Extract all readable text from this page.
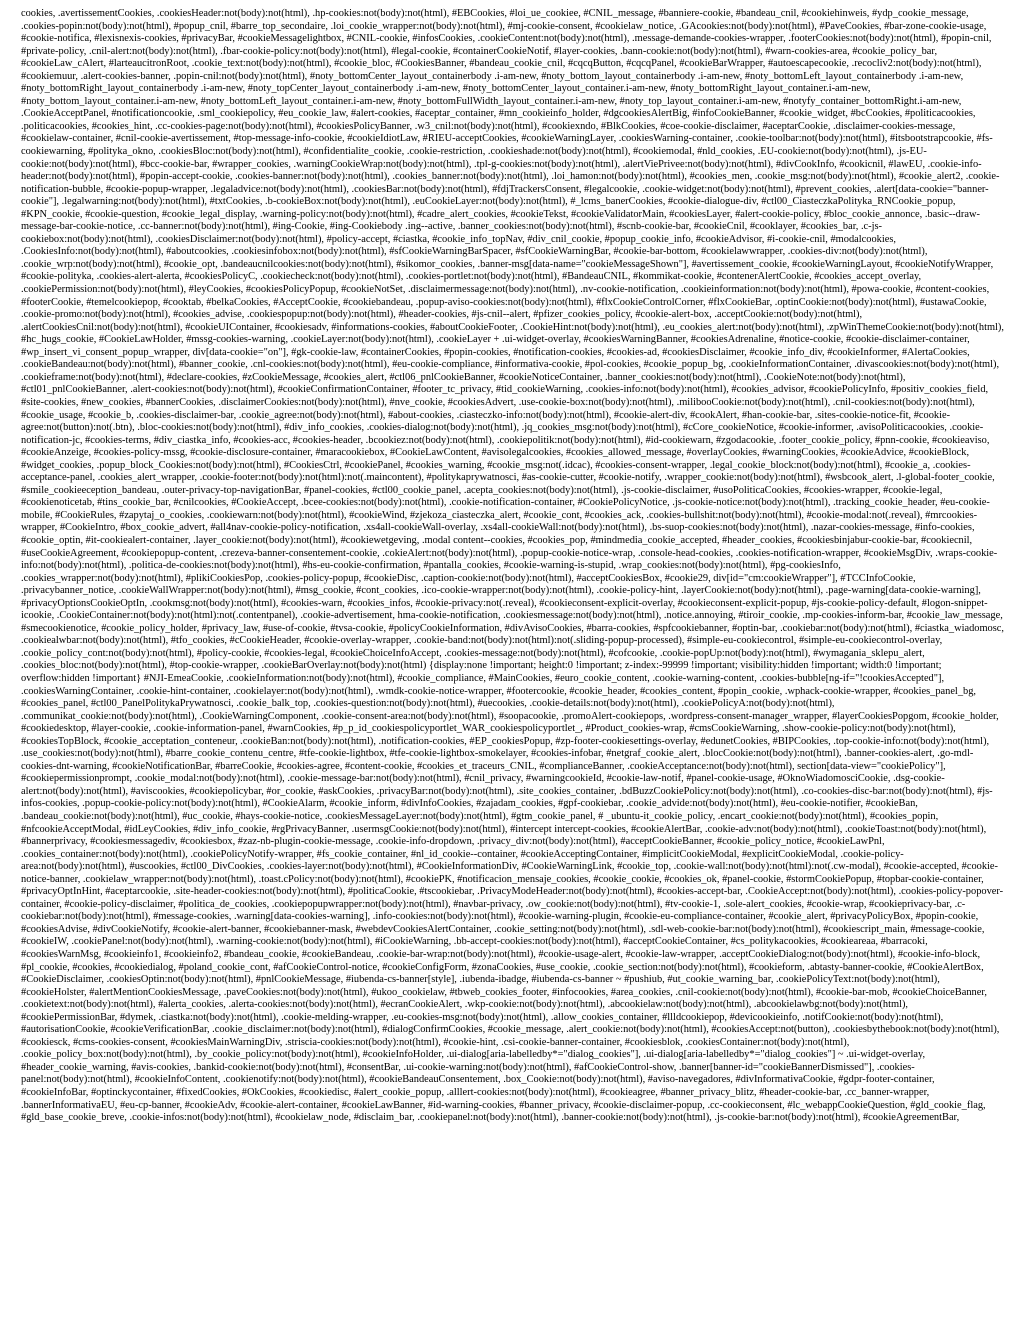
cookies, .avertissementCookies, .cookiesHeader:not(body):not(html), .hp-cookies:not(body):not(html), #EBCookies, #loi_ue_cookiee, #CNIL_message, #banniere-cookie, #bandeau_cnil, #cookiehinweis, #ydp_cookie_message, .cookies-popin:not(body):not(html), #popup_cnil, #barre_top_secondaire, .loi_cookie_wrapper:not(body):not(html), #mj-cookie-consent, #cookielaw_notice, .GAcookies:not(body):not(html), #PaveCookies, #bar-zone-cookie-usage, #cookie-notifica, #lexisnexis-cookies, #privacyBar, #cookieMessagelightbox, #CNIL-cookie, #infosCookies, .cookieContent:not(body):not(html), .message-demande-cookies-wrapper, .footerCookies:not(body):not(html), #popin-cnil, #private-policy, .cnil-alert:not(body):not(html), .fbar-cookie-policy:not(body):not(html), #legal-cookie, #containerCookieNotif, #layer-cookies, .bann-cookie:not(body):not(html), #warn-cookies-area, #cookie_policy_bar, #cookieLaw_cAlert, #larteaucitronRoot, .cookie_text:not(body):not(html), #cookie_bloc, #CookiesBanner, #bandeau_cookie_cnil, #cqcqButton, #cqcqPanel, #cookieBarWrapper, #autoescapecookie, .recocliv2:not(body):not(html), #cookiemuur, .alert-cookies-banner, .popin-cnil:not(body):not(html), #noty_bottomCenter_layout_containerbody .i-am-new, #noty_bottom_layout_containerbody .i-am-new, #noty_bottomLeft_layout_containerbody .i-am-new, #noty_bottomRight_layout_containerbody .i-am-new, #noty_topCenter_layout_containerbody .i-am-new, #noty_bottomCenter_layout_container.i-am-new, #noty_bottomRight_layout_container.i-am-new, #noty_bottom_layout_container.i-am-new, #noty_bottomLeft_layout_container.i-am-new, #noty_bottomFullWidth_layout_container.i-am-new, #noty_top_layout_container.i-am-new, #notyfy_container_bottomRight.i-am-new, .CookieAcceptPanel, #notificationcookie, .sml_cookiepolicy, #eu_cookie_law, #alert-cookies, #aceptar_container, #mn_cookieinfo_holder, #dgcookiesAlertBig, #infoCookieBanner, #cookie_widget, #bcCookies, #politicacookies, .politicacookies, #cookies_hint, .cc-cookies-page:not(body):not(html), #cookiesPolicyBanner, .w3_cnil:not(body):not(html), #cookiexndo, #BlkCookies, #coe-cookie-disclaimer, #aceptarCookie, .disclaimer-cookies-message, #cookielaw-container, #cnil-cookie-avertissement, #top-message-info-cookie, #cookieIdiotLaw, #RIEU-acceptCookies, #cookieWarningLayer, .cookiesWarning-container, .cookie-toolbar:not(body):not(html), #itsbootstrapcookie, #fs-cookiewarning, #polityka_okno, .cookiesBloc:not(body):not(html), #confidentialite_cookie, .cookie-restriction, .cookieshade:not(body):not(html), #cookiemodal, #nld_cookies, .EU-cookie:not(body):not(html), .js-EU-cookie:not(body):not(html), #bcc-cookie-bar, #wrapper_cookies, .warningCookieWrap:not(body):not(html), .tpl-g-cookies:not(body):not(html), .alertViePrivee:not(body):not(html), #divCookInfo, #cookicnil, #lawEU, .cookie-info-header:not(body):not(html), #popin-accept-cookie, .cookies-banner:not(body):not(html), .cookies_banner:not(body):not(html), .loi_hamon:not(body):not(html), #cookies_men, .cookie_msg:not(body):not(html), #cookie_alert2, .cookie-notification-bubble, #cookie-popup-wrapper, .legaladvice:not(body):not(html), .cookiesBar:not(body):not(html), #fdjTrackersConsent, #legalcookie, .cookie-widget:not(body):not(html), #prevent_cookies, .alert[data-cookie="banner-cookie"], .legalwarning:not(body):not(html), #txtCookies, .b-cookieBox:not(body):not(html), .euCookieLayer:not(body):not(html), #_lcms_banerCookies, #cookie-dialogue-div, #ctl00_CiasteczkaPolityka_RNCookie_popup, #KPN_cookie, #cookie-question, #cookie_legal_display, .warning-policy:not(body):not(html), #cadre_alert_cookies, #cookieTekst, #cookieValidatorMain, #cookiesLayer, #alert-cookie-policy, #bloc_cookie_annonce, .basic--draw-message-bar-cookie-notice, .cc-banner:not(body):not(html), #ing-Cookie, #ing-Cookiebody .ing--active, .banner_cookies:not(body):not(html), #scnb-cookie-bar, #cookieCnil, #cooklayer, #cookies_bar, .c-js-cookiebox:not(body):not(html), .cookiesDisclaimer:not(body):not(html), #policy-accept, #ciastka, #cookie_info_topNav, #div_cnil_cookie, #popup_cookie_info, #cookieAdvisor, #i-cookie-cnil, #modalcookies, .CookiesInfo:not(body):not(html), #aboutcookies, .cookiesinfobox:not(body):not(html), #sfCookieWarningBarSpacer, #sfCookieWarningBar, #cookie-bar-bottom, #cookielawwrapper, .cookies-div:not(body):not(html), .cookie_wrp:not(body):not(html), #cookie_opt, .bandeaucnilcookies:not(body):not(html), #sikomor_cookies, .banner-msg[data-name="cookieMessageShown"], #avertissement_cookie, #cookieWarningLayout, #cookieNotifyWrapper, #cookie-polityka, .cookies-alert-alerta, #cookiesPolicyC, .cookiecheck:not(body):not(html), .cookies-portlet:not(body):not(html), #BandeauCNIL, #kommikat-cookie, #contenerAlertCookie, #cookies_accept_overlay, .cookiePermission:not(body):not(html), #leyCookies, #cookiesPolicyPopup, #cookieNotSet, .disclaimermessage:not(body):not(html), .nv-cookie-notification, .cookieinformation:not(body):not(html), #powa-cookie, #content-cookies, #footerCookie, #temelcookiepop, #cooktab, #belkaCookies, #AcceptCookie, #cookiebandeau, .popup-aviso-cookies:not(body):not(html), #flxCookieControlCorner, #flxCookieBar, .optinCookie:not(body):not(html), #ustawaCookie, .cookie-promo:not(body):not(html), #cookies_advise, .cookiespopup:not(body):not(html), #header-cookies, #js-cnil--alert, #pfizer_cookies_policy, #cookie-alert-box, .acceptCookie:not(body):not(html), .alertCookiesCnil:not(body):not(html), #cookieUIContainer, #cookiesadv, #informations-cookies, #aboutCookieFooter, .CookieHint:not(body):not(html), .eu_cookies_alert:not(body):not(html), .zpWinThemeCookie:not(body):not(html), #hc_hugs_cookie, #CookieLawHolder, #mssg-cookies-warning, .cookieLayer:not(body):not(html), .cookieLayer + .ui-widget-overlay, #cookiesWarningBanner, #cookiesAdrenaline, #notice-cookie, #cookie-disclaimer-container, #wp_insert_vi_consent_popup_wrapper, div[data-cookie="on"], #gk-cookie-law, #containerCookies, #popin-cookies, #notification-cookies, #cookies-ad, #cookiesDisclaimer, #cookie_info_div, #cookieInformer, #AlertaCookies, .cookieBandeau:not(body):not(html), #banner_cookie, .cnl-cookies:not(body):not(html), #eu-cookie-compliance, #informativa-cookie, #pol-cookies, #cookie_popup_bg, .cookieInformationContainer, .divascookies:not(body):not(html), .cookieframe:not(body):not(html), #declare-cookies, #zCookieMessage, #cookies_alert, #ctl06_pnlCookieBanner, #cookieNoticeContainer, .banner_cookies:not(body):not(html), .CookieNote:not(body):not(html), #ctl01_pnlCookieBanner, .alert-cookies:not(body):not(html), #cookieConfirmationContainer, #footer_tc_privacy, #tid_cookieWarning, .cookies-info:not(body):not(html), #cookies_advisor, #cookiePolicyInfo, #positiv_cookies_field, #site-cookies, #new_cookies, #bannerCookies, .disclaimerCookies:not(body):not(html), #nve_cookie, #cookiesAdvert, .use-cookie-box:not(body):not(html), .milibooCookie:not(body):not(html), .cnil-cookies:not(body):not(html), #cookie_usage, #cookie_b, .cookies-disclaimer-bar, .cookie_agree:not(body):not(html), #about-cookies, .ciasteczko-info:not(body):not(html), #cookie-alert-div, #cookAlert, #han-cookie-bar, .sites-cookie-notice-fit, #cookie-agree:not(button):not(.btn), .bloc-cookies:not(body):not(html), #div_info_cookies, .cookies-dialog:not(body):not(html), .jq_cookies_msg:not(body):not(html), #cCore_cookieNotice, #cookie-informer, .avisoPoliticacookies, .cookie-notification-jc, #cookies-terms, #div_ciastka_info, #cookies-acc, #cookies-header, .bcookiez:not(body):not(html), .cookiepolitik:not(body):not(html), #id-cookiewarn, #zgodacookie, .footer_cookie_policy, #pnn-cookie, #cookieaviso, #cookieAnzeige, #cookies-policy-mssg, #cookie-disclosure-container, #maracookiebox, #CookieLawContent, #avisolegalcookies, #cookies_allowed_message, #overlayCookies, #warningCookies, #cookieAdvice, #cookieBlock, #widget_cookies, .popup_block_Cookies:not(body):not(html), #CookiesCtrl, #cookiePanel, #cookies_warning, #cookie_msg:not(.idcac), #cookies-consent-wrapper, .legal_cookie_block:not(body):not(html), #cookie_a, .cookies-acceptance-panel, .cookies_alert_wrapper, .cookie-footer:not(body):not(html):not(.maincontent), #politykaprywatnosci, #as-cookie-cutter, #cookie-notify, .wrapper_cookie:not(body):not(html), #wsbcook_alert, .l-global-footer_cookie, #smile_cookieeception_bandeau, .outer-privacy-top-navigationBar, #panel-cookies, #ctl00_cookie_panel, .acepta_cookies:not(body):not(html), .js-cookie-disclaimer, #usoPoliticaCookies, #cookies-wrapper, #cookie-legal, #cookienoticetab, #tins_cookie_bar, #cnilcookies, #CookieAccept, .bcee-cookies:not(body):not(html), .cookie-notification-container, #CookiePolicyNotice, .js-cookie-notice:not(body):not(html), .tracking_cookie_header, #eu-cookie-mobile, #CookieRules, #zapytaj_o_cookies, .cookiewarn:not(body):not(html), #cookieWind, #zjekoza_ciasteczka_alert, #cookie_cont, #cookies_ack, .cookies-bullshit:not(body):not(html), #cookie-modal:not(.reveal), #mrcookies-wrapper, #CookieIntro, #box_cookie_advert, #all4nav-cookie-policy-notification, .xs4all-cookieWall-overlay, .xs4all-cookieWall:not(body):not(html), .bs-suop-cookies:not(body):not(html), .nazar-cookies-message, #info-cookies, #cookie_optin, #it-cookiealert-container, .layer_cookie:not(body):not(html), #cookiewetgeving, .modal content--cookies, #cookies_pop, #mindmedia_cookie_accepted, #header_cookies, #cookiesbinjabur-cookie-bar, #cookiecnil, #useCookieAgreement, #cookiepopup-content, .crezeva-banner-consentement-cookie, .cokieAlert:not(body):not(html), .popup-cookie-notice-wrap, .console-head-cookies, .cookies-notification-wrapper, #cookieMsgDiv, .wraps-cookie-info:not(body):not(html), .politica-de-cookies:not(body):not(html), #hs-eu-cookie-confirmation, #pantalla_cookies, #cookie-warning-is-stupid, .wrap_cookies:not(body):not(html), #pg-cookiesInfo, .cookies_wrapper:not(body):not(html), #plikiCookiesPop, .cookies-policy-popup, #cookieDisc, .caption-cookie:not(body):not(html), #acceptCookiesBox, #cookie29, div[id="cm:cookieWrapper"], #TCCInfoCookie, .privacybanner_notice, .cookieWallWrapper:not(body):not(html), #msg_cookie, #cont_cookies, .ico-cookie-wrapper:not(body):not(html), .cookie-policy-hint, .layerCookie:not(body):not(html), .page-warning[data-cookie-warning], #privacyOptionsCookieOptIn, .cookmsg:not(body):not(html), #cookies-warn, #cookies_infos, #cookie-privacy:not(.reveal), #cookieconsent-explicit-overlay, #cookieconsent-explicit-popup, #js-cookie-policy-default, #logon-snippet-icookie, .CookieContainer:not(body):not(html):not(.contentpanel), .cookie-advertisement, hma-cookie-notification, .cookiesmessage:not(body):not(html), .notice.annoying, #tiroir_cookie, .mp-cookies-inform-bar, #cookie_law_message, #smecookienotice, #cookie_policy_holder, #privacy_law, #use-of-cookie, #tvsa-cookie, #policyCookieInformation, #divAvisoCookies, #barra-cookies, #spfcookiebanner, #optin-bar, .cookiebar:not(body):not(html), #ciastka_wiadomosc, .cookiealwbar:not(body):not(html), #tfo_cookies, #cCookieHeader, #cookie-overlay-wrapper, .cookie-band:not(body):not(html):not(.sliding-popup-processed), #simple-eu-cookiecontrol, #simple-eu-cookiecontrol-overlay, .cookie_policy_cont:not(body):not(html), #policy-cookie, #cookies-legal, #cookieChoiceInfoAccept, .cookies-message:not(body):not(html), #cofcookie, .cookie-popUp:not(body):not(html), #wymagania_sklepu_alert, .cookies_bloc:not(body):not(html), #top-cookie-wrapper, .cookieBarOverlay:not(body):not(html) {display:none !important; height:0 !important; z-index:-99999 !important; visibility:hidden !important; width:0 !important; overflow:hidden !important} #NJI-EmeaCookie, .cookieInformation:not(body):not(html), #cookie_compliance, #MainCookies, #euro_cookie_content, .cookie-warning-content, .cookies-bubble[ng-if="!cookiesAccepted"], .cookiesWarningContainer, .cookie-hint-container, .cookielayer:not(body):not(html), .wmdk-cookie-notice-wrapper, #footercookie, #cookie_header, #cookies_content, #popin_cookie, .wphack-cookie-wrapper, #cookies_panel_bg, #cookies_panel, #ctl00_PanelPolitykaPrywatnosci, .cookie_balk_top, .cookies-question:not(body):not(html), #uecookies, .cookie-details:not(body):not(html), .cookiePolicyA:not(body):not(html), .communikat_cookie:not(body):not(html), .CookieWarningComponent, .cookie-consent-area:not(body):not(html), #soopacookie, .promoAlert-cookiepops, .wordpress-consent-manager_wrapper, #layerCookiesPopgom, #cookie_holder, #cookiedesktop, #layer-cookie, .cookie-information-panel, #warnCookies, #p_p_id_cookiespolicyportlet_WAR_cookiespolicyportlet_, #Product_cookies-wrap, #cmsCookieWarning, .show-cookie-policy:not(body):not(html), #cookiesTopBlock, #cookie_acceptation_conteneur, .cookieBan:not(body):not(html), .notification-cookies, #EP_cookiesPopup, #zp-footer-cookiesettings-overlay, #edunetCookies, #BIPCookies, .top-cookie-info:not(body):not(html), .use_cookies:not(body):not(html), #barre_cookie_contenu_centre, #tfe-cookie-lightbox, #tfe-cookie-lightbox-smokelayer, #cookies-infobar, #netgraf_cookie_alert, .blocCookie:not(body):not(html), .banner-cookies-alert, .go-mdl-cookies-dnt-warning, #cookieNotificationBar, #barreCookie, #cookies-agree, #content-cookie, #cookies_et_traceurs_CNIL, #complianceBanner, .cookieAcceptance:not(body):not(html), section[data-view="cookiePolicy"], #cookiepermissionprompt, .cookie_modal:not(body):not(html), .cookie-message-bar:not(body):not(html), #cnil_privacy, #warningcookieId, #cookie-law-notif, #panel-cookie-usage, #OknoWiadomosciCookie, .dsg-cookie-alert:not(body):not(html), #aviscookies, #cookiepolicybar, #or_cookie, #askCookies, .privacyBar:not(body):not(html), .site_cookies_container, .bdBuzzCookiePolicy:not(body):not(html), .co-cookies-disc-bar:not(body):not(html), #js-infos-cookies, .popup-cookie-policy:not(body):not(html), #CookieAlarm, #cookie_inform, #divInfoCookies, #zajadam_cookies, #gpf-cookiebar, .cookie_advide:not(body):not(html), #eu-cookie-notifier, #cookieBan, .bandeau_cookie:not(body):not(html), #uc_cookie, #hays-cookie-notice, .cookiesMessageLayer:not(body):not(html), #gtm_cookie_panel, # _ubuntu-it_cookie_policy, .encart_cookie:not(body):not(html), #cookies_popin, #nfcookieAcceptModal, #idLeyCookies, #div_info_cookie, #rgPrivacyBanner, .usermsgCookie:not(body):not(html), #intercept intercept-cookies, #cookieAlertBar, .cookie-adv:not(body):not(html), .cookieToast:not(body):not(html), #bannerprivacy, #cookiesmessagediv, #cookiesbox, #zaz-nb-plugin-cookie-message, .cookie-info-dropdown, .privacy_div:not(body):not(html), #acceptCookieBanner, #cookie_policy_notice, #cookieLawPnl, .cookies_container:not(body):not(html), .cookiePolicyNotify-wrapper, #fs_cookie_container, #nl_id_cookie--container, #cookieAcceptingContainer, #implicitCookieModal, #explicitCookieModal, .cookie-policy-area:not(body):not(html), #uscookies, #ctl00_DivCookies, .cookies-layer:not(body):not(html), #CookieInformationDiv, #CookieWarningLink, #cookie_top, .cookie-wall:not(body):not(html):not(.cw-modal), #cookie-accepted, #cookie-notice-banner, .cookielaw_wrapper:not(body):not(html), .toast.cPolicy:not(body):not(html), #cookiePK, #notificacion_mensaje_cookies, #cookie_cookie, #cookies_ok, #panel-cookie, #stormCookiePopup, #topbar-cookie-container, #privacyOptInHint, #aceptarcookie, .site-header-cookies:not(body):not(html), #politicaCookie, #tscookiebar, .PrivacyModeHeader:not(body):not(html), #cookies-accept-bar, .CookieAccept:not(body):not(html), .cookies-policy-popover-container, #cookie-policy-disclaimer, #politica_de_cookies, .cookiepopupwrapper:not(body):not(html), #navbar-privacy, .ow_cookie:not(body):not(html), #tv-cookie-1, .sole-alert_cookies, #cookie-wrap, #cookieprivacy-bar, .c-cookiebar:not(body):not(html), #message-cookies, .warning[data-cookies-warning], .info-cookies:not(body):not(html), #cookie-warning-plugin, #cookie-eu-compliance-container, #cookie_alert, #privacyPolicyBox, #popin-cookie, #cookiesAdvise, #divCookieNotify, #cookie-alert-banner, #cookiebanner-mask, #webdevCookiesAlertContainer, .cookie_setting:not(body):not(html), .sdl-web-cookie-bar:not(body):not(html), #cookiescript_main, #message-cookie, #cookieIW, .cookiePanel:not(body):not(html), .warning-cookie:not(body):not(html), #iCookieWarning, .bb-accept-cookies:not(body):not(html), #acceptCookieContainer, #cs_politykacookies, #cookieareaa, #barracoki, #cookiesWarnMsg, #cookieinfo1, #cookieinfo2, #bandeau_cookie, #cookieBandeau, .cookie-bar-wrap:not(body):not(html), #cookie-usage-alert, #cookie-law-wrapper, .acceptCookieDialog:not(body):not(html), #cookie-info-block, #pl_cookie, #cookies, #cookiedialog, #poland_cookie_cont, #afCookieControl-notice, #cookieConfigForm, #zonaCookies, #use_cookie, .cookie_section:not(body):not(html), #cookieform, .abtasty-banner-cookie, #CookieAlertBox, #CookieDisclaimer, .cookiesOptin:not(body):not(html), #pnlCookieMessage, #iubenda-cs-banner[style], .iubenda-ibadge, #iubenda-cs-banner ~ #pushiub, #ut_cookie_warning_bar, .cookiePolicyText:not(body):not(html), #cookieHolster, #alertMentionCookiesMessage, .paveCookies:not(body):not(html), #ukoo_cookielaw, #tbweb_cookies_footer, #infocookies, #area_cookies, .cnil-cookie:not(body):not(html), #cookie-bar-mob, #cookieChoiceBanner, .cookietext:not(body):not(html), #alerta_cookies, .alerta-cookies:not(body):not(html), #ecranCookieAlert, .wkp-cookie:not(body):not(html), .abcookielaw:not(body):not(html), .abcookielawbg:not(body):not(html), #cookiePermissionBar, #dymek, .ciastka:not(body):not(html), .cookie-melding-wrapper, .eu-cookies-msg:not(body):not(html), .allow_cookies_container, #llldcookiepop, #devicookieinfo, .notifCookie:not(body):not(html), #autorisationCookie, #cookieVerificationBar, .cookie_disclaimer:not(body):not(html), #dialogConfirmCookies, #cookie_message, .alert_cookie:not(body):not(html), #cookiesAccept:not(button), .cookiesbythebook:not(body):not(html), #cookiesck, #cms-cookies-consent, #cookiesMainWarningDiv, .striscia-cookies:not(body):not(html), #cookie-hint, .csi-cookie-banner-container, #cookiesblok, .cookiesContainer:not(body):not(html), .cookie_policy_box:not(body):not(html), .by_cookie_policy:not(body):not(html), #cookieInfoHolder, .ui-dialog[aria-labelledby*="dialog_cookies"], .ui-dialog[aria-labelledby*="dialog_cookies"] ~ .ui-widget-overlay, #header_cookie_warning, #avis-cookies, .bankid-cookie:not(body):not(html), #consentBar, .ui-cookie-warning:not(body):not(html), #afCookieControl-show, .banner[banner-id="cookieBannerDismissed"], .cookies-panel:not(body):not(html), #cookieInfoContent, .cookienotify:not(body):not(html), #cookieBandeauConsentement, .box_Cookie:not(body):not(html), #aviso-navegadores, #divInformativaCookie, #gdpr-footer-container, #cookieInfoBar, #optinckycontainer, #fixedCookies, #OkCookies, #cookiedisc, #alert_cookie_popup, .alllert-cookies:not(body):not(html), #cookieagree, #banner_privacy_blitz, #header-cookie-bar, .cc_banner-wrapper, .bannerInformativaEU, #eu-cp-banner, #cookieAdv, #cookie-alert-container, #cookieLawBanner, #id-warning-cookies, #banner_privacy, #cookie-disclaimer-popup, .cc-cookieconsent, #lc_webappCookieQuestion, #gld_cookie_flag, #gld_base_cookie_breve, .cookie-infos:not(body):not(html), #cookielaw_node, #disclaim_bar, .cookiepanel:not(body):not(html), .banner-cookie:not(body):not(html), .js-cookie-bar:not(body):not(html), #cookieAgreementBar,
